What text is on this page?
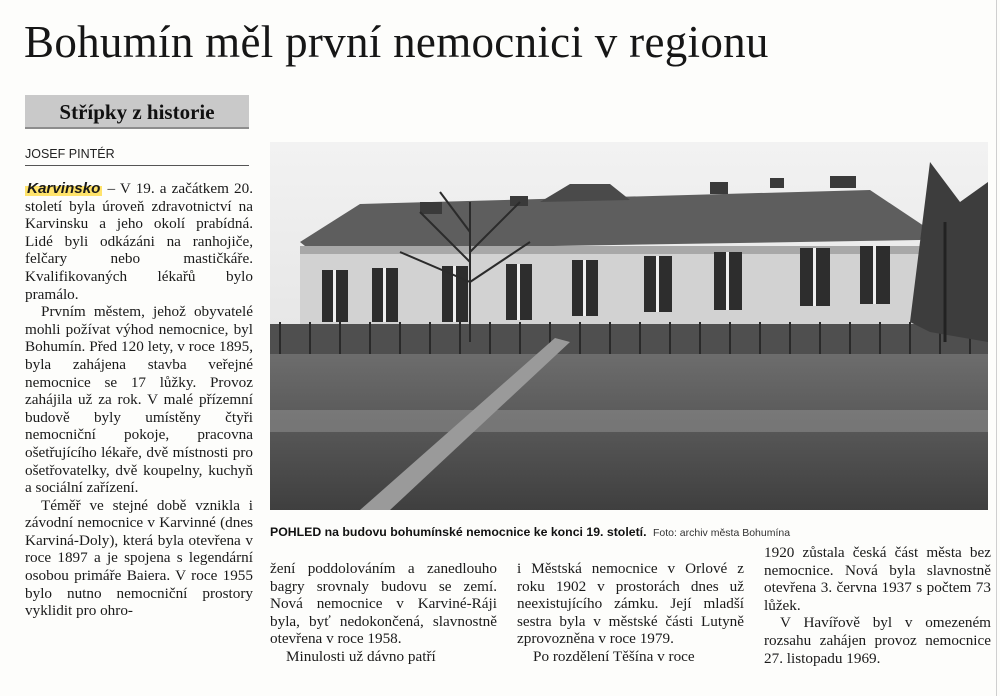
Bohumín měl první nemocnici v regionu
Střípky z historie
JOSEF PINTÉR

Karvinsko – V 19. a začátkem 20. století byla úroveň zdravotnictví na Karvinsku a jeho okolí prabídná. Lidé byli odkázáni na ranhojiče, felčary nebo mastičkáře. Kvalifikovaných lékařů bylo pramálo.

Prvním městem, jehož obyvatelé mohli požívat výhod nemocnice, byl Bohumín. Před 120 lety, v roce 1895, byla zahájena stavba veřejné nemocnice se 17 lůžky. Provoz zahájila už za rok. V malé přízemní budově byly umístěny čtyři nemocniční pokoje, pracovna ošetřujícího lékaře, dvě místnosti pro ošetřovatelky, dvě koupelny, kuchyň a sociální zařízení.

Téměř ve stejné době vznikla i závodní nemocnice v Karvinné (dnes Karviná-Doly), která byla otevřena v roce 1897 a je spojena s legendární osobou primáře Baiera. V roce 1955 bylo nutno nemocniční prostory vyklidit pro ohro-

POHLED na budovu bohumínské nemocnice ke konci 19. století. Foto: archiv města Bohumína

žení poddolováním a zanedlouho bagry srovnaly budovu se zemí. Nová nemocnice v Karviné-Ráji byla, byť nedokončená, slavnostně otevřena v roce 1958.

Minulosti už dávno patří

i Městská nemocnice v Orlové z roku 1902 v prostorách dnes už neexistujícího zámku. Její mladší sestra byla v městské části Lutyně zprovozněna v roce 1979.

Po rozdělení Těšína v roce

1920 zůstala česká část města bez nemocnice. Nová byla slavnostně otevřena 3. června 1937 s počtem 73 lůžek.

V Havířově byl v omezeném rozsahu zahájen provoz nemocnice 27. listopadu 1969.
